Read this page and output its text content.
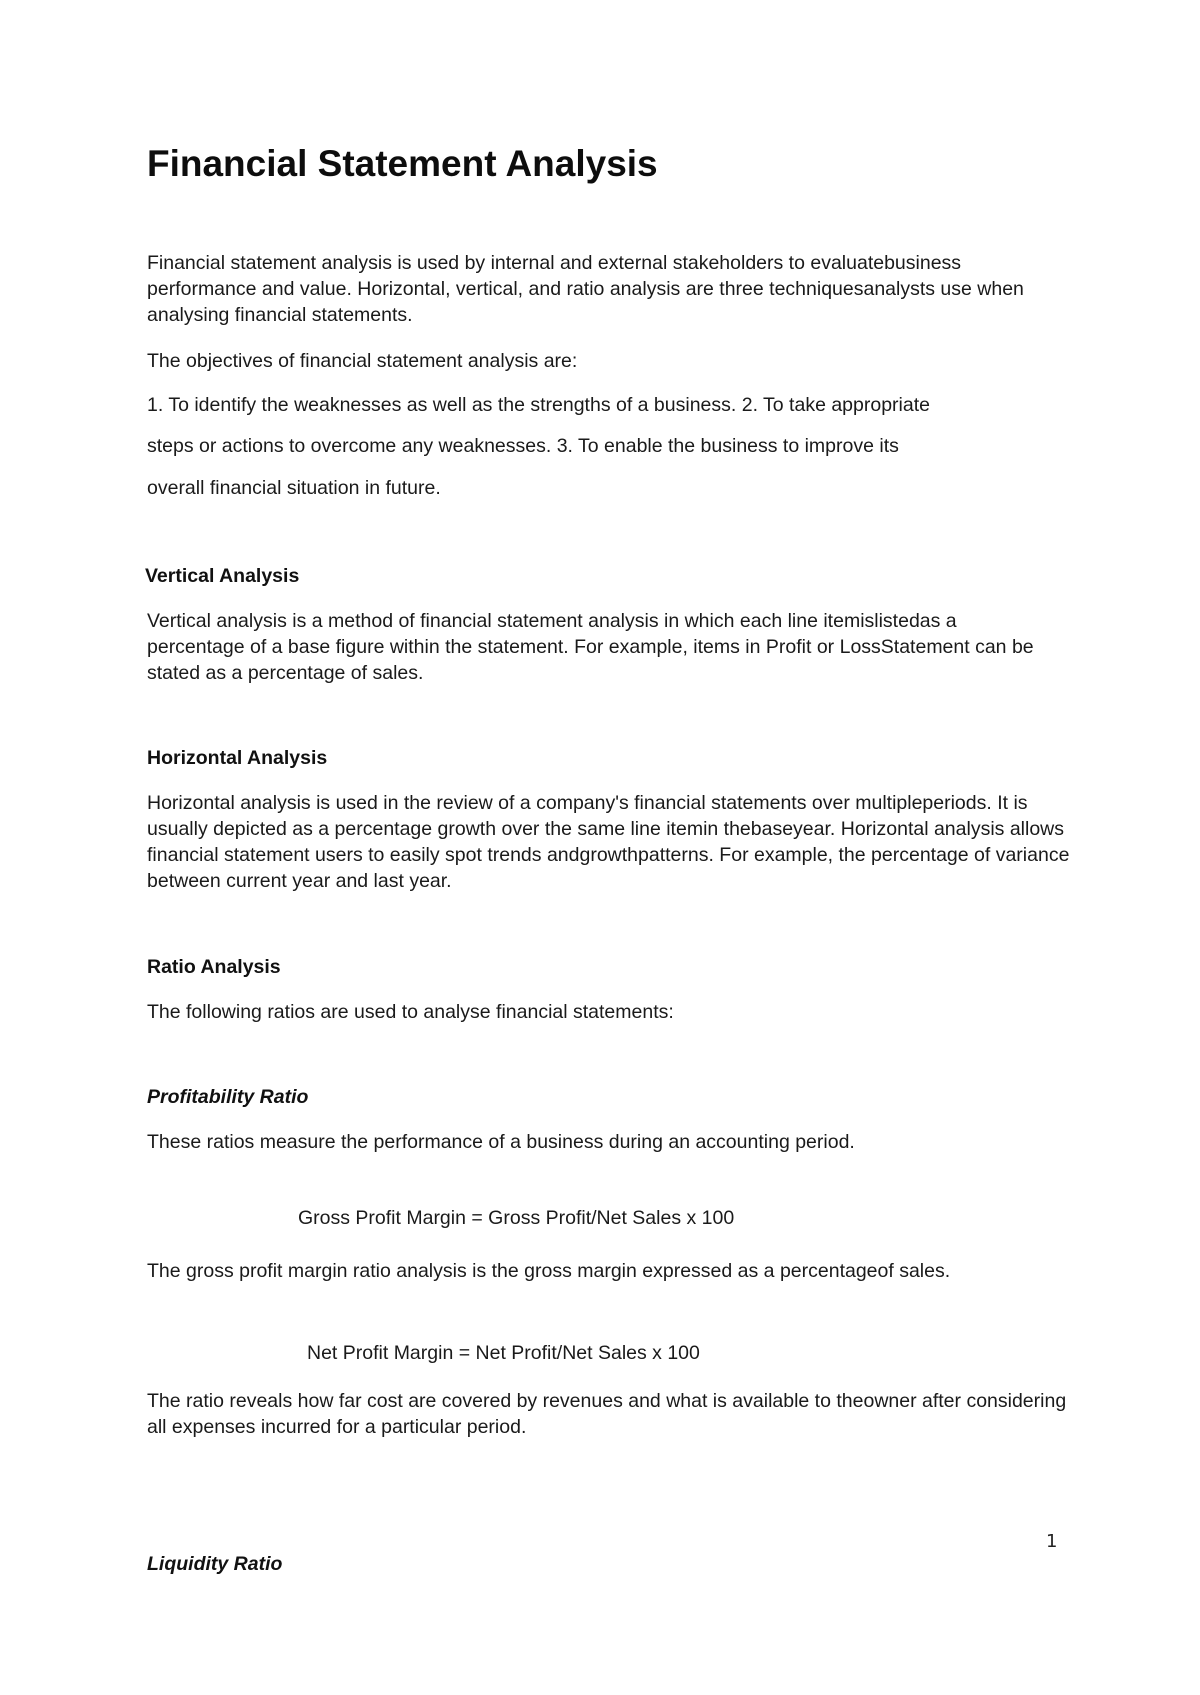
Financial Statement Analysis

Financial statement analysis is used by internal and external stakeholders to evaluatebusiness

performance and value. Horizontal, vertical, and ratio analysis are three techniquesanalysts use when

analysing financial statements.

The objectives of financial statement analysis are:

1. To identify the weaknesses as well as the strengths of a business. 2. To take appropriate

steps or actions to overcome any weaknesses. 3. To enable the business to improve its

overall financial situation in future.

Vertical Analysis

Vertical analysis is a method of financial statement analysis in which each line itemislistedas a

percentage of a base figure within the statement. For example, items in Profit or LossStatement can be

stated as a percentage of sales.

Horizontal Analysis

Horizontal analysis is used in the review of a company's financial statements over multipleperiods. It is

usually depicted as a percentage growth over the same line itemin thebaseyear. Horizontal analysis allows

financial statement users to easily spot trends andgrowthpatterns. For example, the percentage of variance

between current year and last year.

Ratio Analysis

The following ratios are used to analyse financial statements:

Profitability Ratio

These ratios measure the performance of a business during an accounting period.

Gross Profit Margin = Gross Profit/Net Sales x 100

The gross profit margin ratio analysis is the gross margin expressed as a percentageof sales.

Net Profit Margin = Net Profit/Net Sales x 100

The ratio reveals how far cost are covered by revenues and what is available to theowner after considering

all expenses incurred for a particular period.

1
Liquidity Ratio
